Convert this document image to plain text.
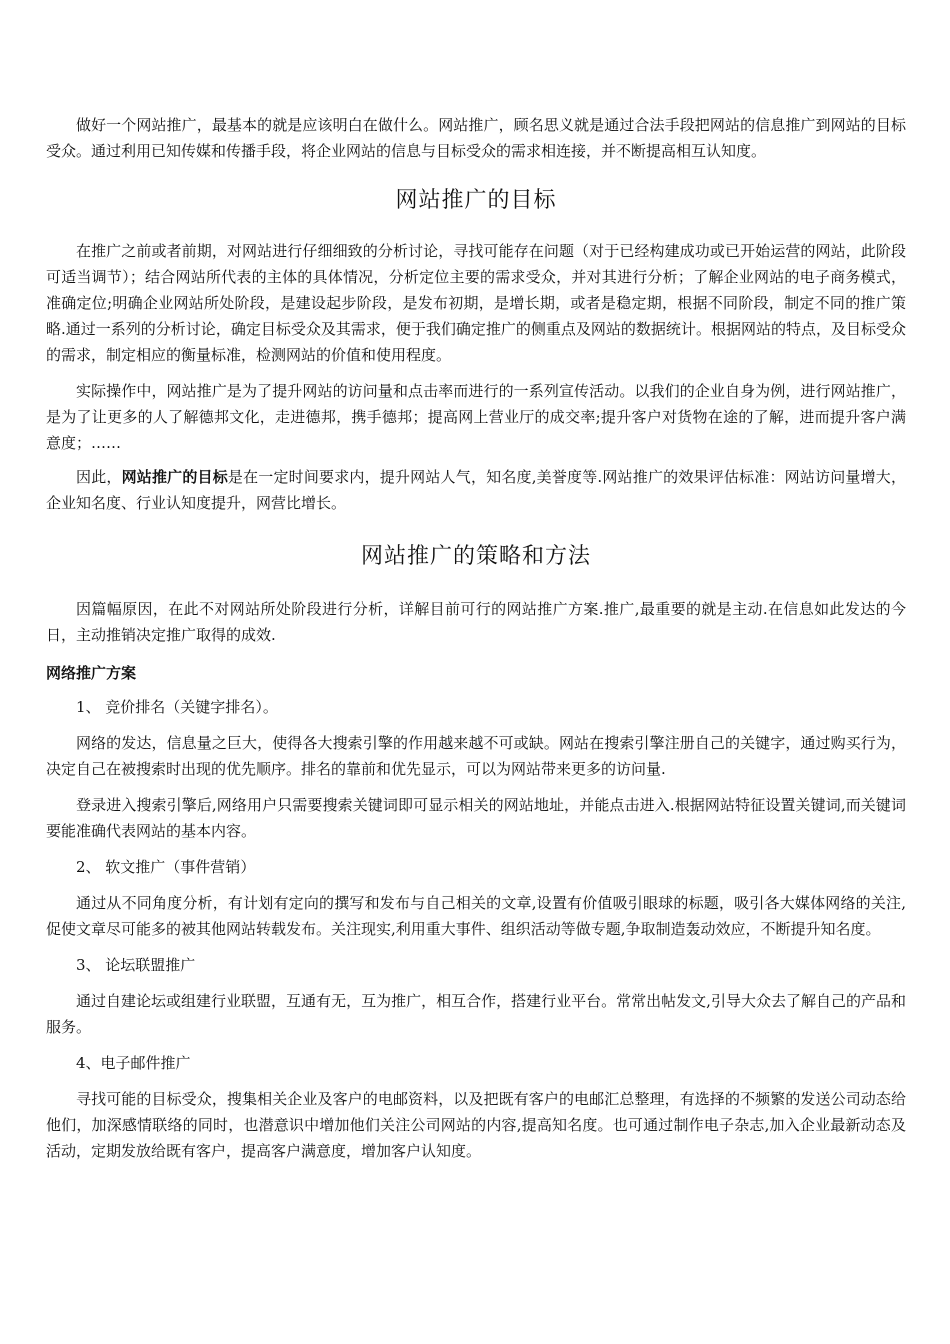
做好一个网站推广，最基本的就是应该明白在做什么。网站推广，顾名思义就是通过合法手段把网站的信息推广到网站的目标受众。通过利用已知传媒和传播手段，将企业网站的信息与目标受众的需求相连接，并不断提高相互认知度。

网站推广的目标

在推广之前或者前期，对网站进行仔细细致的分析讨论，寻找可能存在问题（对于已经构建成功或已开始运营的网站，此阶段可适当调节）；结合网站所代表的主体的具体情况，分析定位主要的需求受众，并对其进行分析；了解企业网站的电子商务模式，准确定位;明确企业网站所处阶段，是建设起步阶段，是发布初期，是增长期，或者是稳定期，根据不同阶段，制定不同的推广策略.通过一系列的分析讨论，确定目标受众及其需求，便于我们确定推广的侧重点及网站的数据统计。根据网站的特点，及目标受众的需求，制定相应的衡量标准，检测网站的价值和使用程度。

实际操作中，网站推广是为了提升网站的访问量和点击率而进行的一系列宣传活动。以我们的企业自身为例，进行网站推广，是为了让更多的人了解德邦文化，走进德邦，携手德邦；提高网上营业厅的成交率;提升客户对货物在途的了解，进而提升客户满意度；……

因此，网站推广的目标是在一定时间要求内，提升网站人气，知名度,美誉度等.网站推广的效果评估标准：网站访问量增大，企业知名度、行业认知度提升，网营比增长。

网站推广的策略和方法

因篇幅原因，在此不对网站所处阶段进行分析，详解目前可行的网站推广方案.推广,最重要的就是主动.在信息如此发达的今日，主动推销决定推广取得的成效.

网络推广方案
1、 竞价排名（关键字排名）。

网络的发达，信息量之巨大，使得各大搜索引擎的作用越来越不可或缺。网站在搜索引擎注册自己的关键字，通过购买行为，决定自己在被搜索时出现的优先顺序。排名的靠前和优先显示，可以为网站带来更多的访问量.

登录进入搜索引擎后,网络用户只需要搜索关键词即可显示相关的网站地址，并能点击进入.根据网站特征设置关键词,而关键词要能准确代表网站的基本内容。

2、 软文推广（事件营销）

通过从不同角度分析，有计划有定向的撰写和发布与自己相关的文章,设置有价值吸引眼球的标题，吸引各大媒体网络的关注,促使文章尽可能多的被其他网站转载发布。关注现实,利用重大事件、组织活动等做专题,争取制造轰动效应，不断提升知名度。

3、 论坛联盟推广

通过自建论坛或组建行业联盟，互通有无，互为推广，相互合作，搭建行业平台。常常出帖发文,引导大众去了解自己的产品和服务。

4、电子邮件推广

寻找可能的目标受众，搜集相关企业及客户的电邮资料，以及把既有客户的电邮汇总整理，有选择的不频繁的发送公司动态给他们，加深感情联络的同时，也潜意识中增加他们关注公司网站的内容,提高知名度。也可通过制作电子杂志,加入企业最新动态及活动，定期发放给既有客户，提高客户满意度，增加客户认知度。
